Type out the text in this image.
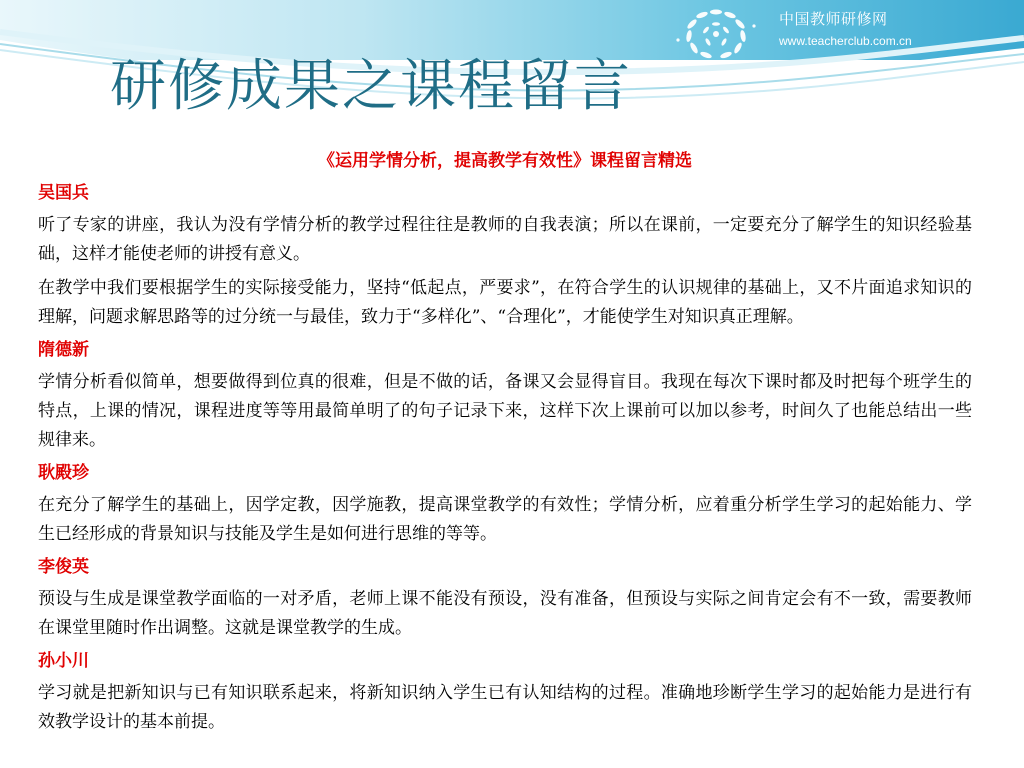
中国教师研修网
www.teacherclub.com.cn
研修成果之课程留言
《运用学情分析，提高教学有效性》课程留言精选
吴国兵
听了专家的讲座，我认为没有学情分析的教学过程往往是教师的自我表演；所以在课前，一定要充分了解学生的知识经验基础，这样才能使老师的讲授有意义。
在教学中我们要根据学生的实际接受能力，坚持“低起点，严要求”，在符合学生的认识规律的基础上，又不片面追求知识的理解，问题求解思路等的过分统一与最佳，致力于“多样化”、“合理化”，才能使学生对知识真正理解。
隋德新
学情分析看似简单，想要做得到位真的很难，但是不做的话，备课又会显得盲目。我现在每次下课时都及时把每个班学生的特点，上课的情况，课程进度等等用最简单明了的句子记录下来，这样下次上课前可以加以参考，时间久了也能总结出一些规律来。
耿殿珍
在充分了解学生的基础上，因学定教，因学施教，提高课堂教学的有效性；学情分析，应着重分析学生学习的起始能力、学生已经形成的背景知识与技能及学生是如何进行思维的等等。
李俊英
预设与生成是课堂教学面临的一对矛盾，老师上课不能没有预设，没有准备，但预设与实际之间肯定会有不一致，需要教师在课堂里随时作出调整。这就是课堂教学的生成。
孙小川
学习就是把新知识与已有知识联系起来，将新知识纳入学生已有认知结构的过程。准确地珍断学生学习的起始能力是进行有效教学设计的基本前提。
